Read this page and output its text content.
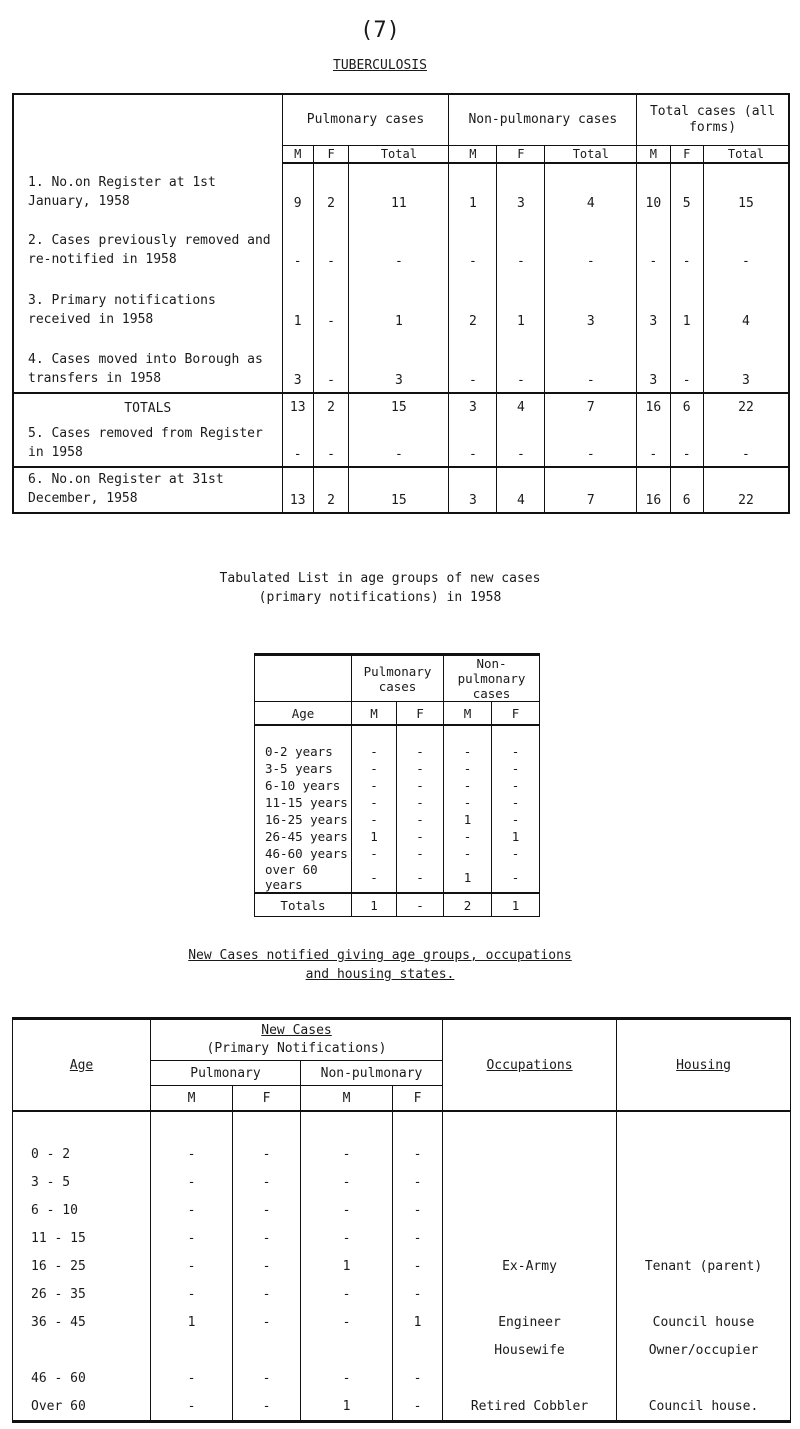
(7)
TUBERCULOSIS
	Pulmonary cases			Non-pulmonary cases			Total cases (all forms)		
	M	F	Total	M	F	Total	M	F	Total
1. No.on Register at 1st January, 1958	9	2	11	1	3	4	10	5	15
2. Cases previously removed and re-notified in 1958	-	-	-	-	-	-	-	-	-
3. Primary notifications received in 1958	1	-	1	2	1	3	3	1	4
4. Cases moved into Borough as transfers in 1958	3	-	3	-	-	-	3	-	3
TOTALS	13	2	15	3	4	7	16	6	22
5. Cases removed from Register in 1958	-	-	-	-	-	-	-	-	-
6. No.on Register at 31st December, 1958	13	2	15	3	4	7	16	6	22
Tabulated List in age groups of new cases
(primary notifications) in 1958
	Pulmonary cases		Non-pulmonary cases	
Age	M	F	M	F

0-2 years	-	-	-	-
3-5 years	-	-	-	-
6-10 years	-	-	-	-
11-15 years	-	-	-	-
16-25 years	-	-	1	-
26-45 years	1	-	-	1
46-60 years	-	-	-	-
over 60 years	-	-	1	-
Totals	1	-	2	1
New Cases notified giving age groups, occupations
and housing states.
Age	New Cases
(Primary Notifications)				Occupations	Housing
	Pulmonary		Non-pulmonary			
	M	F	M	F		

0 - 2	-	-	-	-		
3 - 5	-	-	-	-		
6 - 10	-	-	-	-		
11 - 15	-	-	-	-		
16 - 25	-	-	1	-	Ex-Army	Tenant (parent)
26 - 35	-	-	-	-		
36 - 45	1	-	-	1	Engineer	Council house
					Housewife	Owner/occupier
46 - 60	-	-	-	-		
Over 60	-	-	1	-	Retired Cobbler	Council house.
